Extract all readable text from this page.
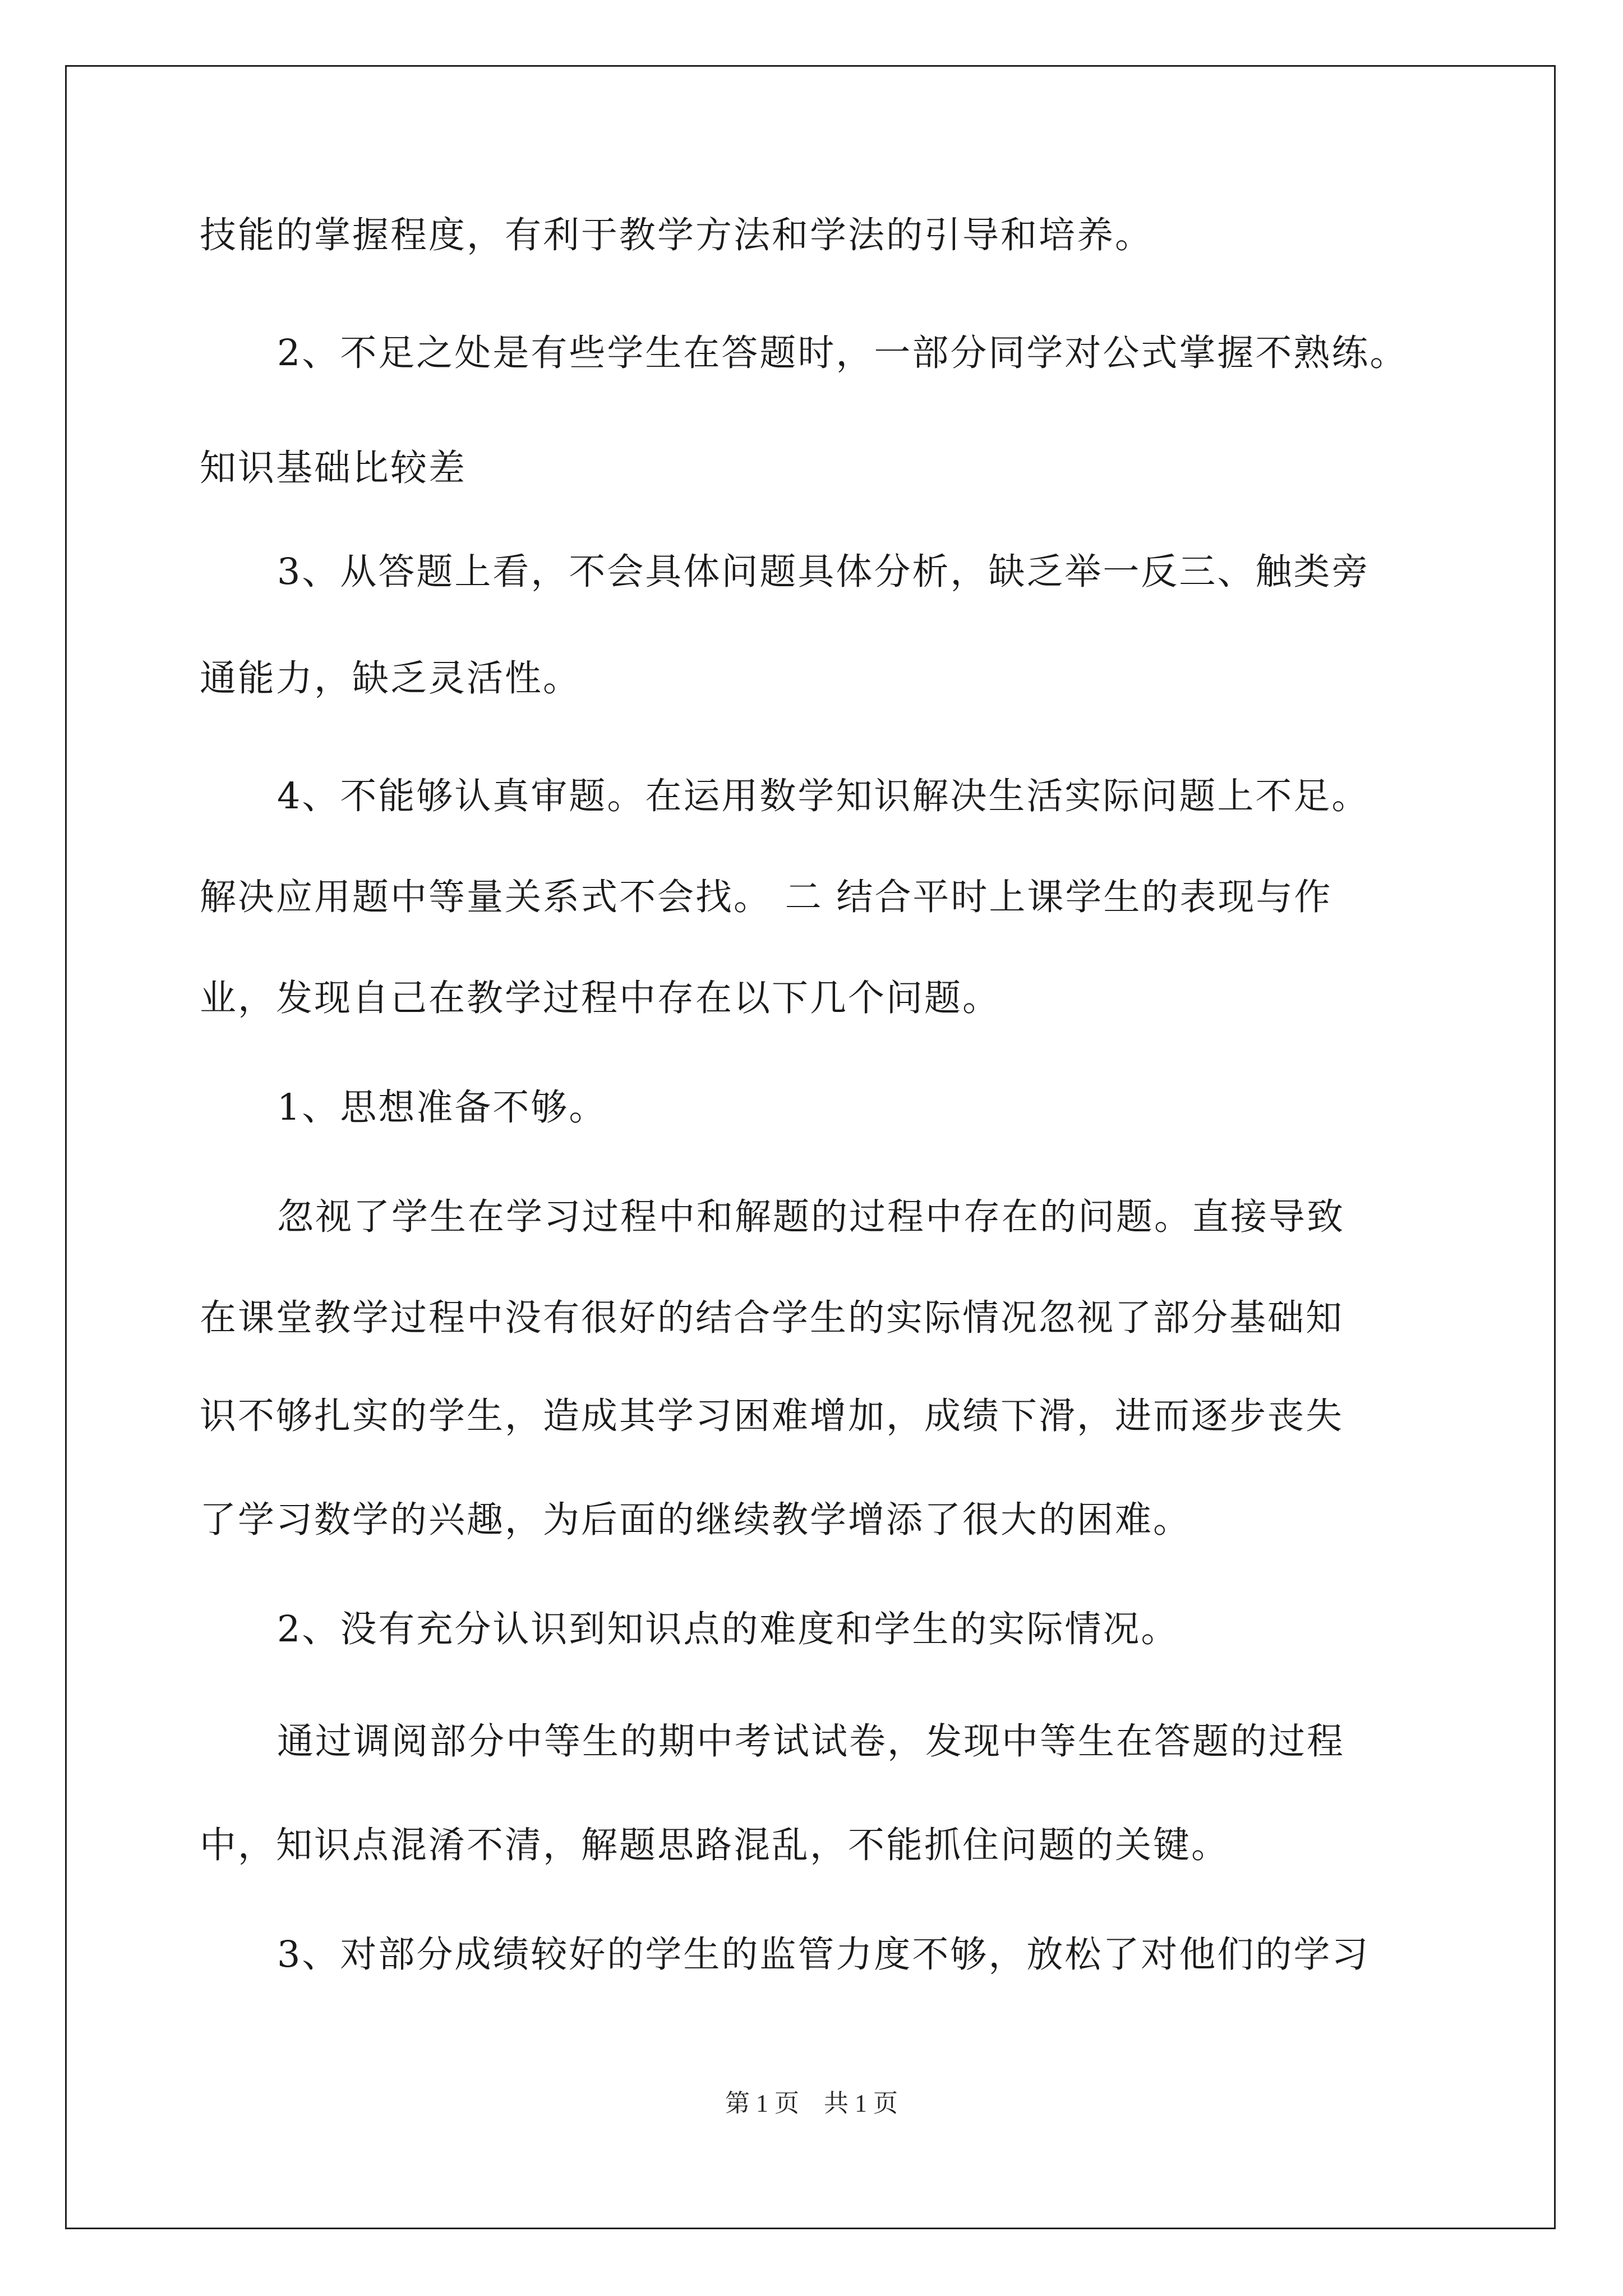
技能的掌握程度，有利于教学方法和学法的引导和培养。
2、不足之处是有些学生在答题时，一部分同学对公式掌握不熟练。
知识基础比较差
3、从答题上看，不会具体问题具体分析，缺乏举一反三、触类旁
通能力，缺乏灵活性。
4、不能够认真审题。在运用数学知识解决生活实际问题上不足。
解决应用题中等量关系式不会找。 二 结合平时上课学生的表现与作
业，发现自己在教学过程中存在以下几个问题。
1、思想准备不够。
忽视了学生在学习过程中和解题的过程中存在的问题。直接导致
在课堂教学过程中没有很好的结合学生的实际情况忽视了部分基础知
识不够扎实的学生，造成其学习困难增加，成绩下滑，进而逐步丧失
了学习数学的兴趣，为后面的继续教学增添了很大的困难。
2、没有充分认识到知识点的难度和学生的实际情况。
通过调阅部分中等生的期中考试试卷，发现中等生在答题的过程
中，知识点混淆不清，解题思路混乱，不能抓住问题的关键。
3、对部分成绩较好的学生的监管力度不够，放松了对他们的学习
第 1 页    共 1 页
